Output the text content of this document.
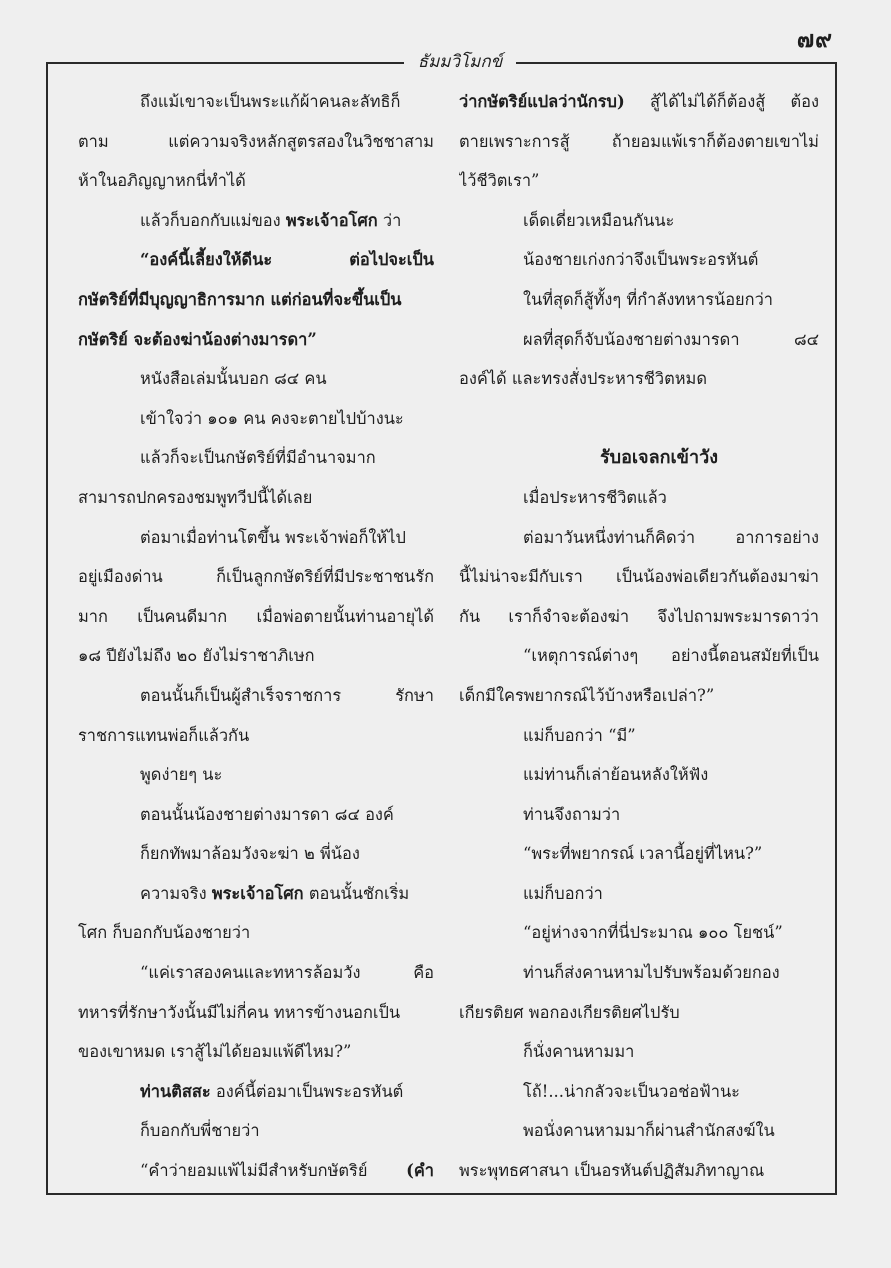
๗๙
ธัมมวิโมกข์
ถึงแม้เขาจะเป็นพระแก้ผ้าคนละลัทธิก็
ตาม แต่ความจริงหลักสูตรสองในวิชชาสาม
ห้าในอภิญญาหกนี่ทำได้
แล้วก็บอกกับแม่ของ พระเจ้าอโศก ว่า
“องค์นี้เลี้ยงให้ดีนะ ต่อไปจะเป็น
กษัตริย์ที่มีบุญญาธิการมาก แต่ก่อนที่จะขึ้นเป็น
กษัตริย์ จะต้องฆ่าน้องต่างมารดา”
หนังสือเล่มนั้นบอก ๘๔ คน
เข้าใจว่า ๑๐๑ คน คงจะตายไปบ้างนะ
แล้วก็จะเป็นกษัตริย์ที่มีอำนาจมาก
สามารถปกครองชมพูทวีปนี้ได้เลย
ต่อมาเมื่อท่านโตขึ้น พระเจ้าพ่อก็ให้ไป
อยู่เมืองด่าน ก็เป็นลูกกษัตริย์ที่มีประชาชนรัก
มาก เป็นคนดีมาก เมื่อพ่อตายนั้นท่านอายุได้
๑๘ ปียังไม่ถึง ๒๐ ยังไม่ราชาภิเษก
ตอนนั้นก็เป็นผู้สำเร็จราชการ รักษา
ราชการแทนพ่อก็แล้วกัน
พูดง่ายๆ นะ
ตอนนั้นน้องชายต่างมารดา ๘๔ องค์
ก็ยกทัพมาล้อมวังจะฆ่า ๒ พี่น้อง
ความจริง พระเจ้าอโศก ตอนนั้นชักเริ่ม
โศก ก็บอกกับน้องชายว่า
“แค่เราสองคนและทหารล้อมวัง คือ
ทหารที่รักษาวังนั้นมีไม่กี่คน ทหารข้างนอกเป็น
ของเขาหมด เราสู้ไม่ได้ยอมแพ้ดีไหม?”
ท่านติสสะ องค์นี้ต่อมาเป็นพระอรหันต์
ก็บอกกับพี่ชายว่า
“คำว่ายอมแพ้ไม่มีสำหรับกษัตริย์ (คำ
ว่ากษัตริย์แปลว่านักรบ) สู้ได้ไม่ได้ก็ต้องสู้ ต้อง
ตายเพราะการสู้ ถ้ายอมแพ้เราก็ต้องตายเขาไม่
ไว้ชีวิตเรา”
เด็ดเดี่ยวเหมือนกันนะ
น้องชายเก่งกว่าจึงเป็นพระอรหันต์
ในที่สุดก็สู้ทั้งๆ ที่กำลังทหารน้อยกว่า
ผลที่สุดก็จับน้องชายต่างมารดา ๘๔
องค์ได้ และทรงสั่งประหารชีวิตหมด
รับอเจลกเข้าวัง
เมื่อประหารชีวิตแล้ว
ต่อมาวันหนึ่งท่านก็คิดว่า อาการอย่าง
นี้ไม่น่าจะมีกับเรา เป็นน้องพ่อเดียวกันต้องมาฆ่า
กัน เราก็จำจะต้องฆ่า จึงไปถามพระมารดาว่า
“เหตุการณ์ต่างๆ อย่างนี้ตอนสมัยที่เป็น
เด็กมีใครพยากรณ์ไว้บ้างหรือเปล่า?”
แม่ก็บอกว่า “มี”
แม่ท่านก็เล่าย้อนหลังให้ฟัง
ท่านจึงถามว่า
“พระที่พยากรณ์ เวลานี้อยู่ที่ไหน?”
แม่ก็บอกว่า
“อยู่ห่างจากที่นี่ประมาณ ๑๐๐ โยชน์”
ท่านก็ส่งคานหามไปรับพร้อมด้วยกอง
เกียรติยศ พอกองเกียรติยศไปรับ
ก็นั่งคานหามมา
โถ้!...น่ากลัวจะเป็นวอช่อฟ้านะ
พอนั่งคานหามมาก็ผ่านสำนักสงฆ์ใน
พระพุทธศาสนา เป็นอรหันต์ปฏิสัมภิทาญาณ
